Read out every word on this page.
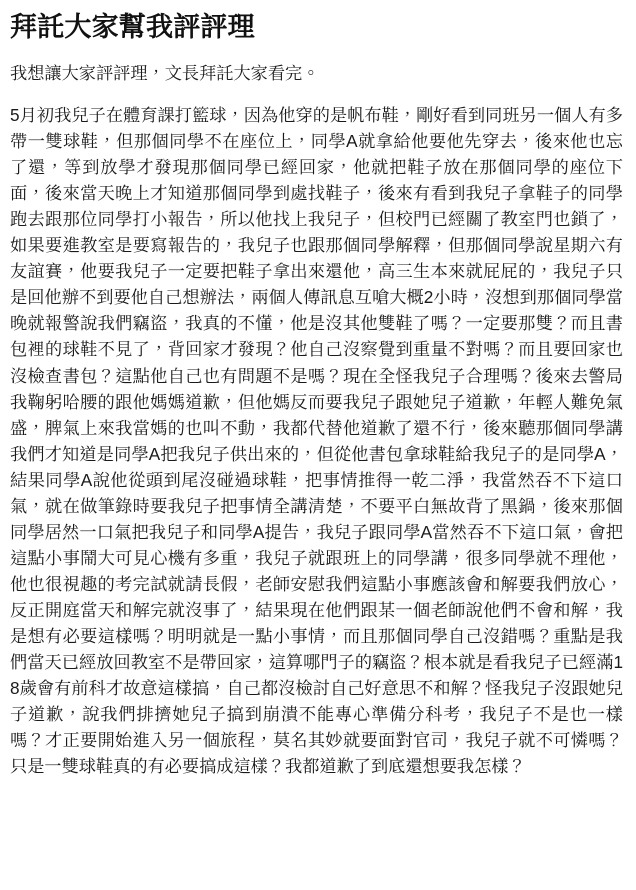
拜託大家幫我評評理

我想讓大家評評理，文長拜託大家看完。

5月初我兒子在體育課打籃球，因為他穿的是帆布鞋，剛好看到同班另一個人有多帶一雙球鞋，但那個同學不在座位上，同學A就拿給他要他先穿去，後來他也忘了還，等到放學才發現那個同學已經回家，他就把鞋子放在那個同學的座位下面，後來當天晚上才知道那個同學到處找鞋子，後來有看到我兒子拿鞋子的同學跑去跟那位同學打小報告，所以他找上我兒子，但校門已經關了教室門也鎖了，如果要進教室是要寫報告的，我兒子也跟那個同學解釋，但那個同學說星期六有友誼賽，他要我兒子一定要把鞋子拿出來還他，高三生本來就屁屁的，我兒子只是回他辦不到要他自己想辦法，兩個人傳訊息互嗆大概2小時，沒想到那個同學當晚就報警說我們竊盜，我真的不懂，他是沒其他雙鞋了嗎？一定要那雙？而且書包裡的球鞋不見了，背回家才發現？他自己沒察覺到重量不對嗎？而且要回家也沒檢查書包？這點他自己也有問題不是嗎？現在全怪我兒子合理嗎？後來去警局我鞠躬哈腰的跟他媽媽道歉，但他媽反而要我兒子跟她兒子道歉，年輕人難免氣盛，脾氣上來我當媽的也叫不動，我都代替他道歉了還不行，後來聽那個同學講我們才知道是同學A把我兒子供出來的，但從他書包拿球鞋給我兒子的是同學A，結果同學A說他從頭到尾沒碰過球鞋，把事情推得一乾二淨，我當然吞不下這口氣，就在做筆錄時要我兒子把事情全講清楚，不要平白無故背了黑鍋，後來那個同學居然一口氣把我兒子和同學A提告，我兒子跟同學A當然吞不下這口氣，會把這點小事鬧大可見心機有多重，我兒子就跟班上的同學講，很多同學就不理他，他也很視趣的考完試就請長假，老師安慰我們這點小事應該會和解要我們放心，反正開庭當天和解完就沒事了，結果現在他們跟某一個老師說他們不會和解，我是想有必要這樣嗎？明明就是一點小事情，而且那個同學自己沒錯嗎？重點是我們當天已經放回教室不是帶回家，這算哪門子的竊盜？根本就是看我兒子已經滿18歲會有前科才故意這樣搞，自己都沒檢討自己好意思不和解？怪我兒子沒跟她兒子道歉，說我們排擠她兒子搞到崩潰不能專心準備分科考，我兒子不是也一樣嗎？才正要開始進入另一個旅程，莫名其妙就要面對官司，我兒子就不可憐嗎？只是一雙球鞋真的有必要搞成這樣？我都道歉了到底還想要我怎樣？
